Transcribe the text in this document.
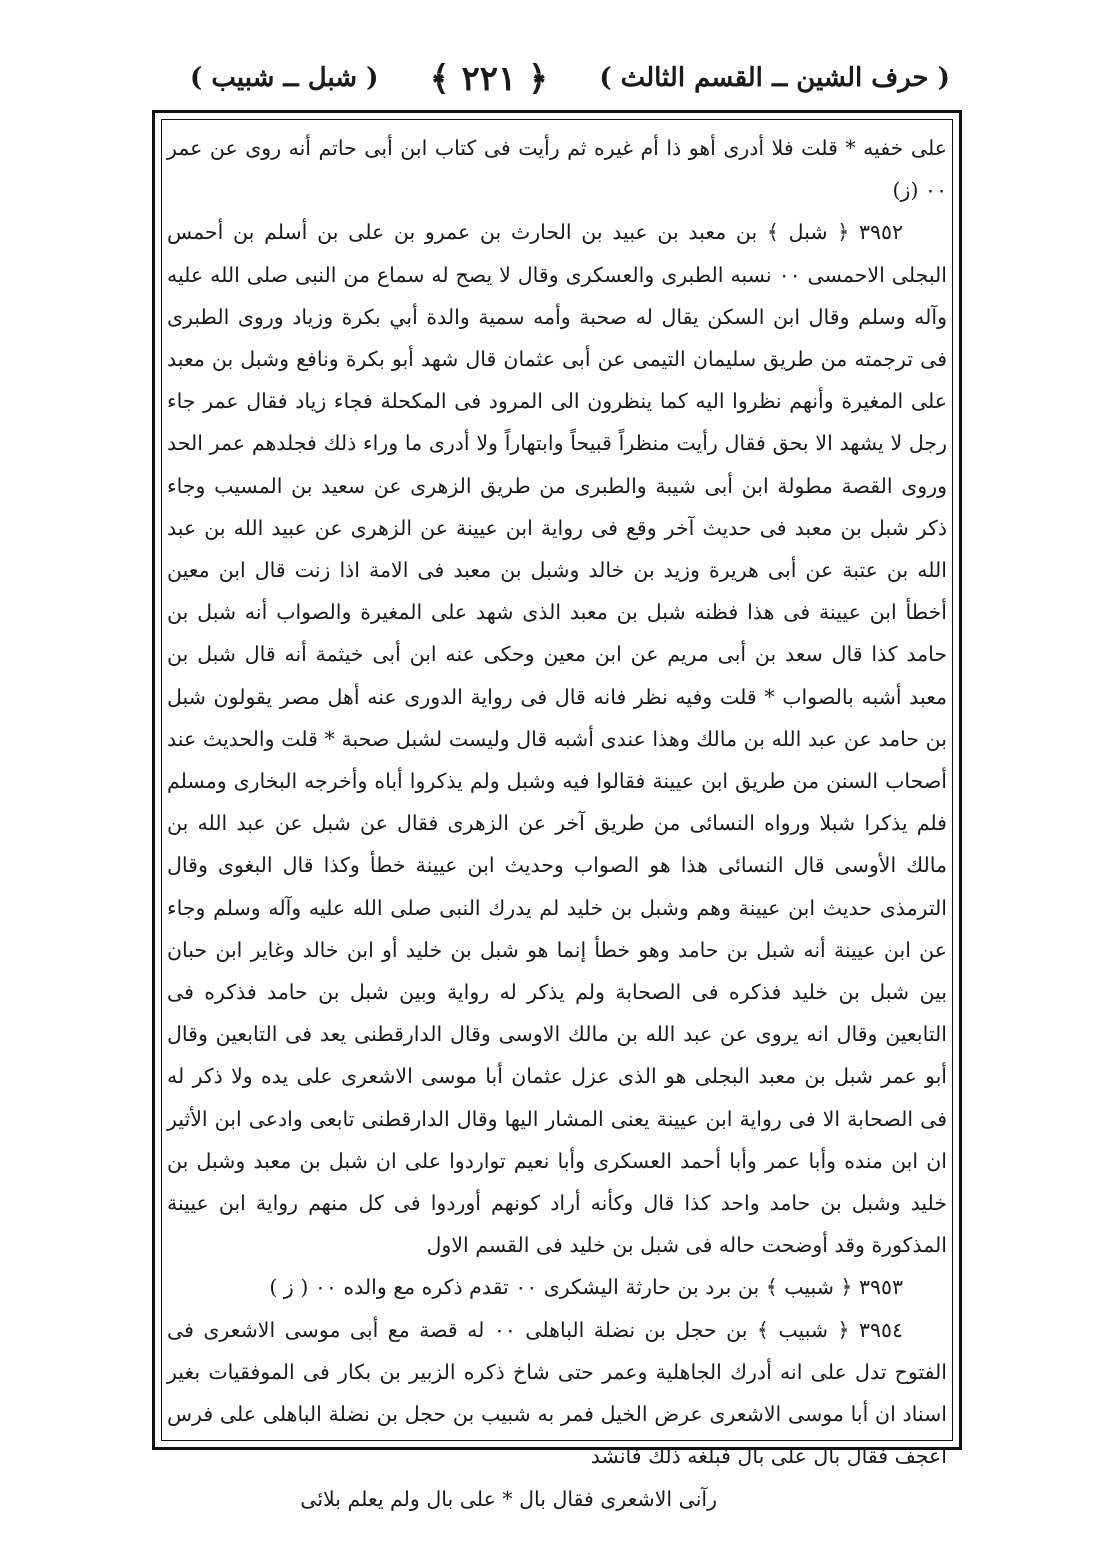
( حرف الشين ــ القسم الثالث )
﴿ ٢٢١ ﴾
( شبل ــ شبيب )

على خفيه * قلت فلا أدرى أهو ذا أم غيره ثم رأيت فى كتاب ابن أبى حاتم أنه روى عن عمر ٠٠ (ز)

٣٩٥٢ ﴿ شبل ﴾ بن معبد بن عبيد بن الحارث بن عمرو بن على بن أسلم بن أحمس البجلى الاحمسى ٠٠ نسبه الطبرى والعسكرى وقال لا يصح له سماع من النبى صلى الله عليه وآله وسلم وقال ابن السكن يقال له صحبة وأمه سمية والدة أبي بكرة وزياد وروى الطبرى فى ترجمته من طريق سليمان التيمى عن أبى عثمان قال شهد أبو بكرة ونافع وشبل بن معبد على المغيرة وأنهم نظروا اليه كما ينظرون الى المرود فى المكحلة فجاء زياد فقال عمر جاء رجل لا يشهد الا بحق فقال رأيت منظراً قبيحاً وابتهاراً ولا أدرى ما وراء ذلك فجلدهم عمر الحد وروى القصة مطولة ابن أبى شيبة والطبرى من طريق الزهرى عن سعيد بن المسيب وجاء ذكر شبل بن معبد فى حديث آخر وقع فى رواية ابن عيينة عن الزهرى عن عبيد الله بن عبد الله بن عتبة عن أبى هريرة وزيد بن خالد وشبل بن معبد فى الامة اذا زنت قال ابن معين أخطأ ابن عيينة فى هذا فظنه شبل بن معبد الذى شهد على المغيرة والصواب أنه شبل بن حامد كذا قال سعد بن أبى مريم عن ابن معين وحكى عنه ابن أبى خيثمة أنه قال شبل بن معبد أشبه بالصواب * قلت وفيه نظر فانه قال فى رواية الدورى عنه أهل مصر يقولون شبل بن حامد عن عبد الله بن مالك وهذا عندى أشبه قال وليست لشبل صحبة * قلت والحديث عند أصحاب السنن من طريق ابن عيينة فقالوا فيه وشبل ولم يذكروا أباه وأخرجه البخارى ومسلم فلم يذكرا شبلا ورواه النسائى من طريق آخر عن الزهرى فقال عن شبل عن عبد الله بن مالك الأوسى قال النسائى هذا هو الصواب وحديث ابن عيينة خطأ وكذا قال البغوى وقال الترمذى حديث ابن عيينة وهم وشبل بن خليد لم يدرك النبى صلى الله عليه وآله وسلم وجاء عن ابن عيينة أنه شبل بن حامد وهو خطأ إنما هو شبل بن خليد أو ابن خالد وغاير ابن حبان بين شبل بن خليد فذكره فى الصحابة ولم يذكر له رواية وبين شبل بن حامد فذكره فى التابعين وقال انه يروى عن عبد الله بن مالك الاوسى وقال الدارقطنى يعد فى التابعين وقال أبو عمر شبل بن معبد البجلى هو الذى عزل عثمان أبا موسى الاشعرى على يده ولا ذكر له فى الصحابة الا فى رواية ابن عيينة يعنى المشار اليها وقال الدارقطنى تابعى وادعى ابن الأثير ان ابن منده وأبا عمر وأبا أحمد العسكرى وأبا نعيم تواردوا على ان شبل بن معبد وشبل بن خليد وشبل بن حامد واحد كذا قال وكأنه أراد كونهم أوردوا فى كل منهم رواية ابن عيينة المذكورة وقد أوضحت حاله فى شبل بن خليد فى القسم الاول

٣٩٥٣ ﴿ شبيب ﴾ بن برد بن حارثة اليشكرى ٠٠ تقدم ذكره مع والده ٠٠ ( ز )

٣٩٥٤ ﴿ شبيب ﴾ بن حجل بن نضلة الباهلى ٠٠ له قصة مع أبى موسى الاشعرى فى الفتوح تدل على انه أدرك الجاهلية وعمر حتى شاخ ذكره الزبير بن بكار فى الموفقيات بغير اسناد ان أبا موسى الاشعرى عرض الخيل فمر به شبيب بن حجل بن نضلة الباهلى على فرس اعجف فقال بال على بال فبلغه ذلك فانشد

رآنى الاشعرى فقال بال * على بال ولم يعلم بلائى
